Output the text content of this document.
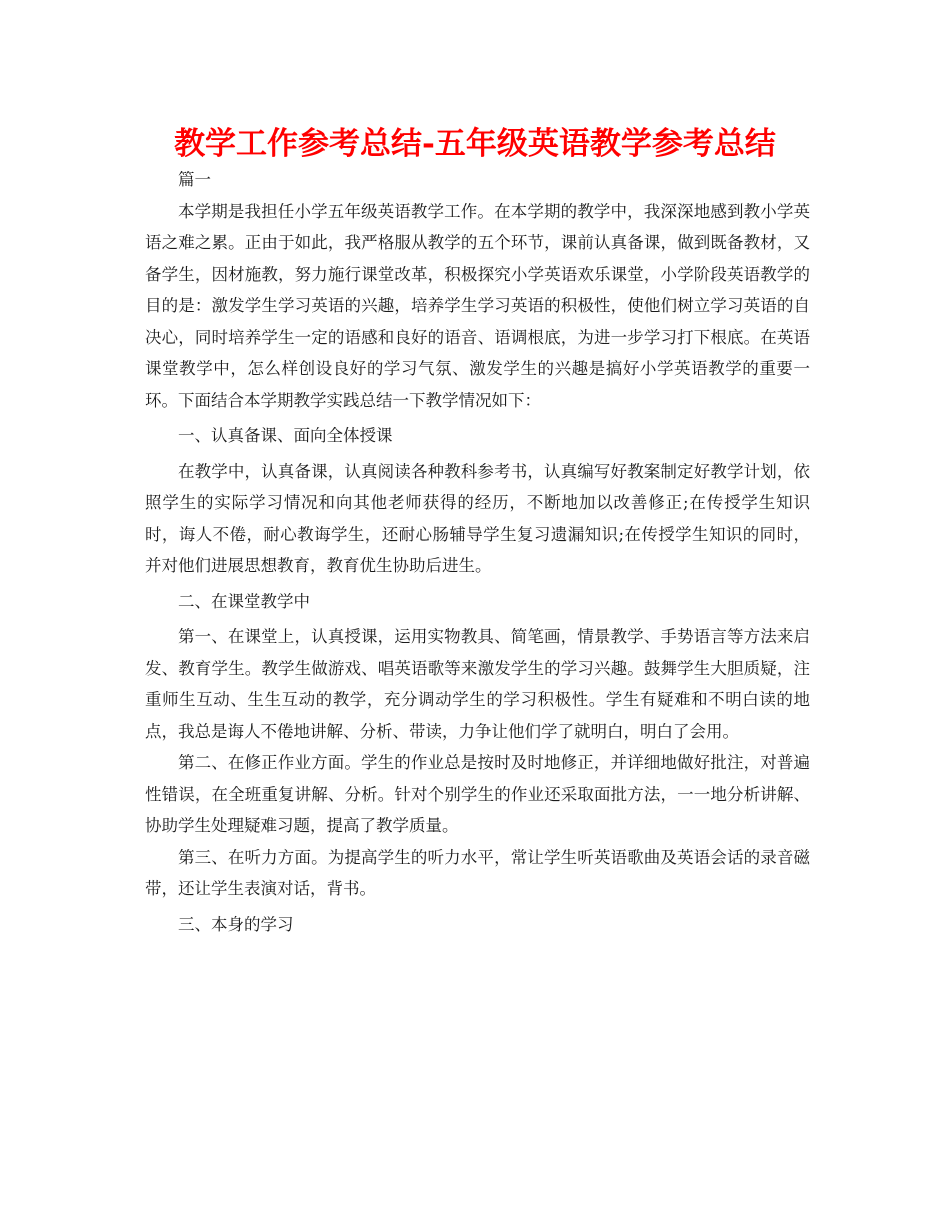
教学工作参考总结-五年级英语教学参考总结

篇一

本学期是我担任小学五年级英语教学工作。在本学期的教学中，我深深地感到教小学英语之难之累。正由于如此，我严格服从教学的五个环节，课前认真备课，做到既备教材，又备学生，因材施教，努力施行课堂改革，积极探究小学英语欢乐课堂，小学阶段英语教学的目的是：激发学生学习英语的兴趣，培养学生学习英语的积极性，使他们树立学习英语的自决心，同时培养学生一定的语感和良好的语音、语调根底，为进一步学习打下根底。在英语课堂教学中，怎么样创设良好的学习气氛、激发学生的兴趣是搞好小学英语教学的重要一环。下面结合本学期教学实践总结一下教学情况如下：

一、认真备课、面向全体授课

在教学中，认真备课，认真阅读各种教科参考书，认真编写好教案制定好教学计划，依照学生的实际学习情况和向其他老师获得的经历，不断地加以改善修正;在传授学生知识时，诲人不倦，耐心教诲学生，还耐心肠辅导学生复习遗漏知识;在传授学生知识的同时，并对他们进展思想教育，教育优生协助后进生。

二、在课堂教学中

第一、在课堂上，认真授课，运用实物教具、简笔画，情景教学、手势语言等方法来启发、教育学生。教学生做游戏、唱英语歌等来激发学生的学习兴趣。鼓舞学生大胆质疑，注重师生互动、生生互动的教学，充分调动学生的学习积极性。学生有疑难和不明白读的地点，我总是诲人不倦地讲解、分析、带读，力争让他们学了就明白，明白了会用。

第二、在修正作业方面。学生的作业总是按时及时地修正，并详细地做好批注，对普遍性错误，在全班重复讲解、分析。针对个别学生的作业还采取面批方法，一一地分析讲解、协助学生处理疑难习题，提高了教学质量。

第三、在听力方面。为提高学生的听力水平，常让学生听英语歌曲及英语会话的录音磁带，还让学生表演对话，背书。

三、本身的学习
